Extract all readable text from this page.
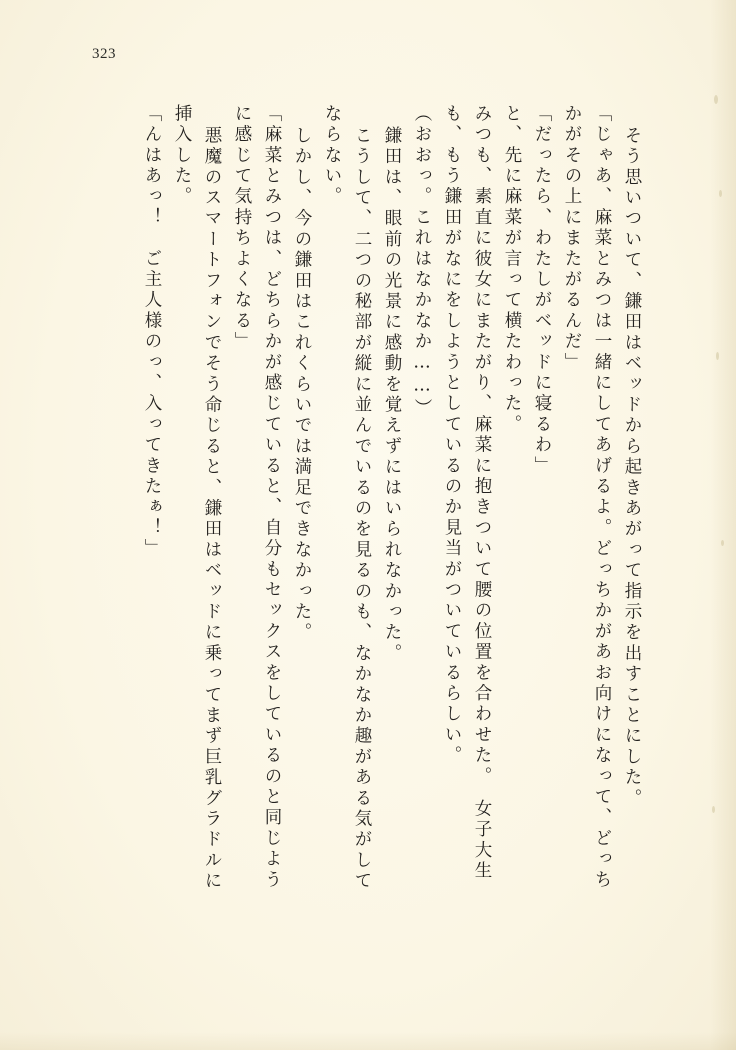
323
そう思いついて、鎌田はベッドから起きあがって指示を出すことにした。
「じゃあ、麻菜とみつは一緒にしてあげるよ。どっちかがあお向けになって、どっち
かがその上にまたがるんだ」
「だったら、わたしがベッドに寝るわ」
と、先に麻菜が言って横たわった。
みつも、素直に彼女にまたがり、麻菜に抱きついて腰の位置を合わせた。　女子大生
も、もう鎌田がなにをしようとしているのか見当がついているらしい。
（おおっ。これはなかなか……）
鎌田は、眼前の光景に感動を覚えずにはいられなかった。
こうして、二つの秘部が縦に並んでいるのを見るのも、なかなか趣がある気がして
ならない。
しかし、今の鎌田はこれくらいでは満足できなかった。
「麻菜とみつは、どちらかが感じていると、自分もセックスをしているのと同じよう
に感じて気持ちよくなる」
悪魔のスマートフォンでそう命じると、鎌田はベッドに乗ってまず巨乳グラドルに
挿入した。
「んはあっ！　ご主人様のっ、入ってきたぁ！」
